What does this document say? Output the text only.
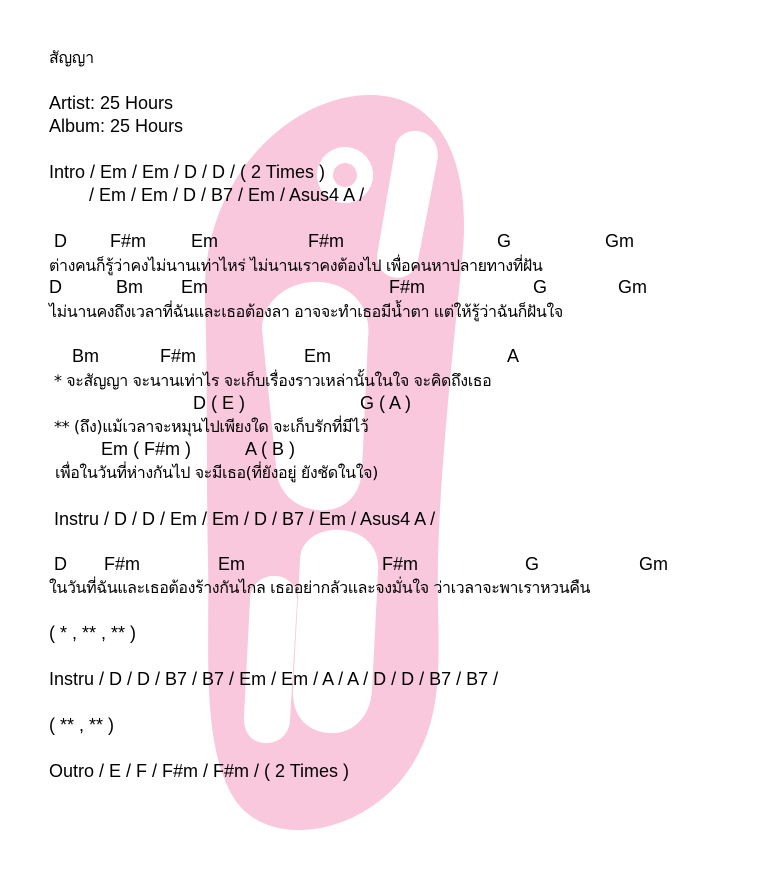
สัญญา
Artist: 25 Hours
Album: 25 Hours
Intro / Em / Em / D / D / ( 2 Times )
/ Em / Em / D / B7 / Em / Asus4 A /
D F#m	Em	F#m	G	Gm
ต่างคนก็รู้ว่าคงไม่นานเท่าไหร่ ไม่นานเราคงต้องไป เพื่อคนหาปลายทางที่ฝัน
D	Bm Em	F#m	G	Gm
ไม่นานคงถึงเวลาที่ฉันและเธอต้องลา อาจจะทำเธอมีน้ำตา แต่ให้รู้ว่าฉันก็ฝันใจ
Bm	F#m	Em	A
* จะสัญญา จะนานเท่าไร จะเก็บเรื่องราวเหล่านั้นในใจ จะคิดถึงเธอ
D ( E )	G ( A )
** (ถึง)แม้เวลาจะหมุนไปเพียงใด จะเก็บรักที่มีไว้
Em ( F#m )	A ( B )
เพื่อในวันที่ห่างกันไป จะมีเธอ(ที่ยังอยู่ ยังชัดในใจ)
Instru / D / D / Em / Em / D / B7 / Em / Asus4 A /
D F#m	Em	F#m	G	Gm
ในวันที่ฉันและเธอต้องร้างกันไกล เธออย่ากลัวและจงมั่นใจ ว่าเวลาจะพาเราหวนคืน
( * , ** , ** )
Instru / D / D / B7 / B7 / Em / Em / A / A / D / D / B7 / B7 /
( ** , ** )
Outro / E / F / F#m / F#m / ( 2 Times )
